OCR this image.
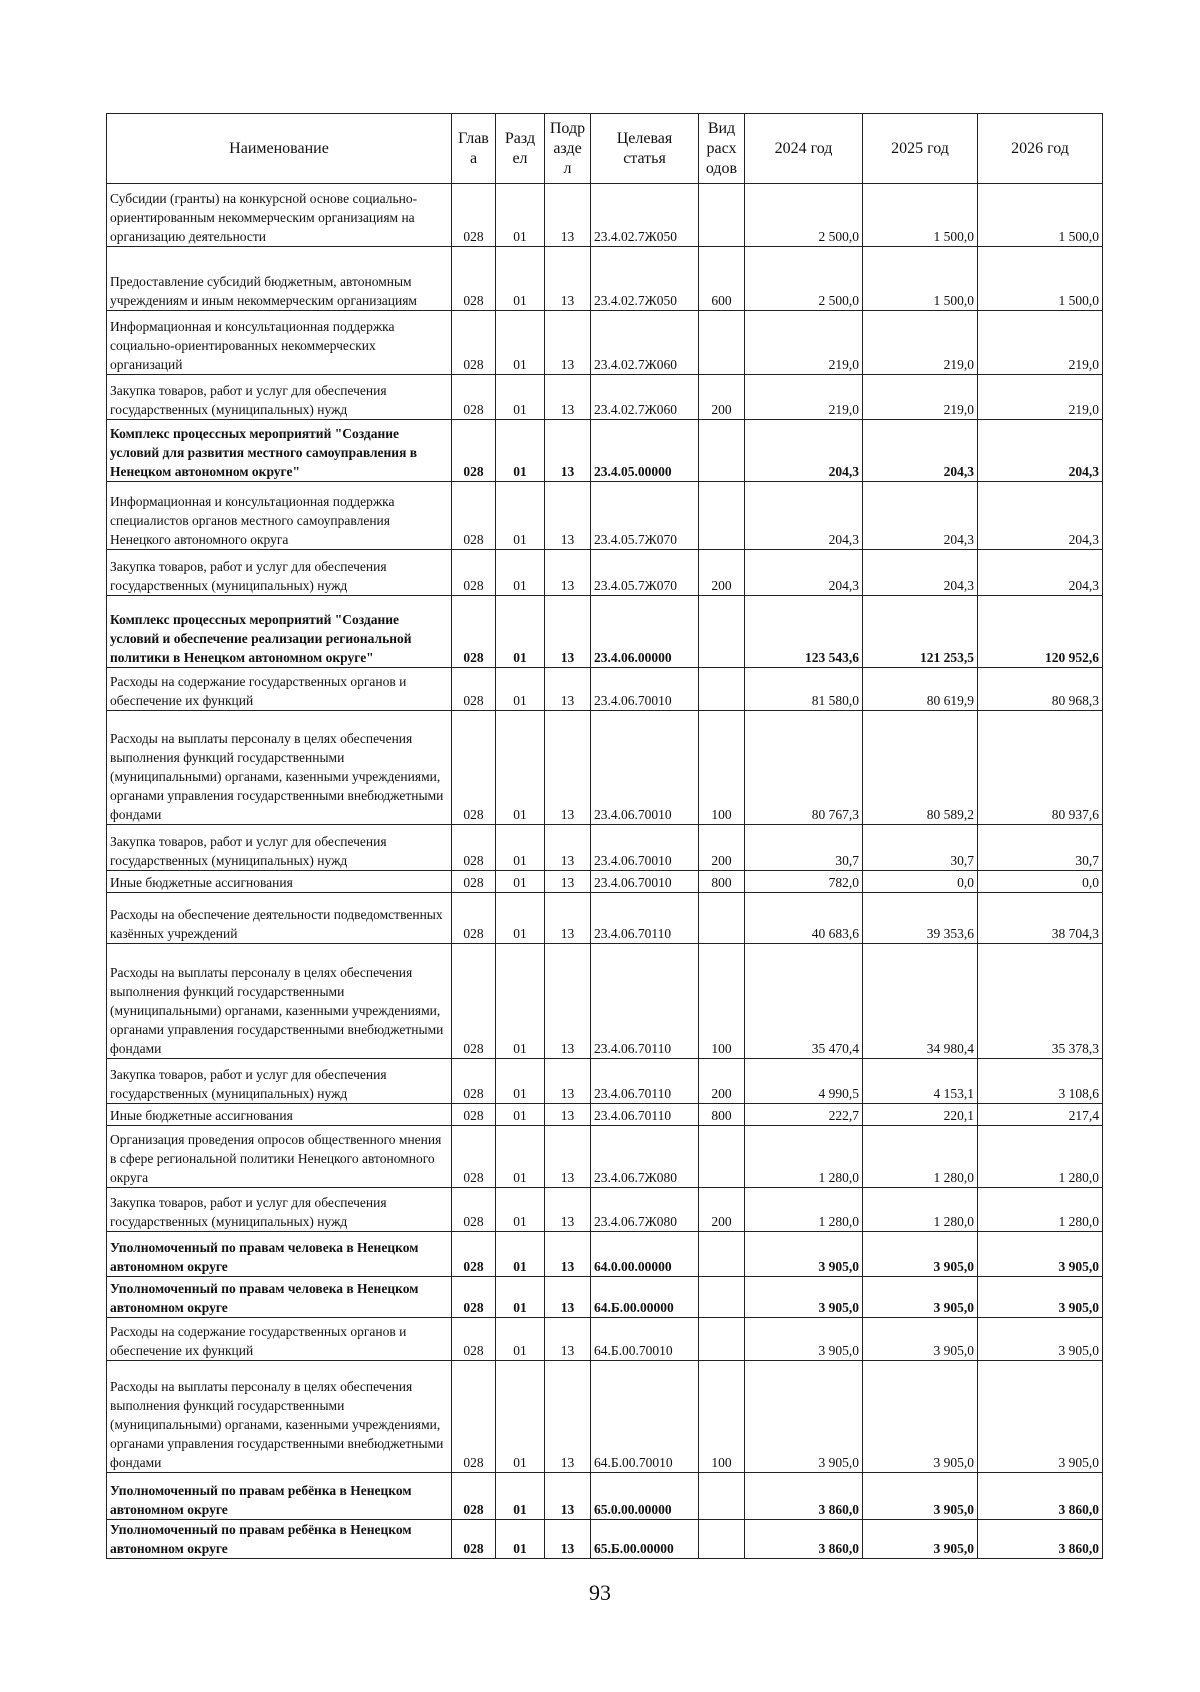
Наименование	Глав а	Разд ел	Подр азде л	Целевая статья	Вид расх одов	2024 год	2025 год	2026 год
Субсидии (гранты) на конкурсной основе социально-ориентированным некоммерческим организациям на организацию деятельности	028	01	13	23.4.02.7Ж050		2 500,0	1 500,0	1 500,0
Предоставление субсидий бюджетным, автономным учреждениям и иным некоммерческим организациям	028	01	13	23.4.02.7Ж050	600	2 500,0	1 500,0	1 500,0
Информационная и консультационная поддержка социально-ориентированных некоммерческих организаций	028	01	13	23.4.02.7Ж060		219,0	219,0	219,0
Закупка товаров, работ и услуг для обеспечения государственных (муниципальных) нужд	028	01	13	23.4.02.7Ж060	200	219,0	219,0	219,0
Комплекс процессных мероприятий "Создание условий для развития местного самоуправления в Ненецком автономном округе"	028	01	13	23.4.05.00000		204,3	204,3	204,3
Информационная и консультационная поддержка специалистов органов местного самоуправления Ненецкого автономного округа	028	01	13	23.4.05.7Ж070		204,3	204,3	204,3
Закупка товаров, работ и услуг для обеспечения государственных (муниципальных) нужд	028	01	13	23.4.05.7Ж070	200	204,3	204,3	204,3
Комплекс процессных мероприятий "Создание условий и обеспечение реализации региональной политики в Ненецком автономном округе"	028	01	13	23.4.06.00000		123 543,6	121 253,5	120 952,6
Расходы на содержание государственных органов и обеспечение их функций	028	01	13	23.4.06.70010		81 580,0	80 619,9	80 968,3
Расходы на выплаты персоналу в целях обеспечения выполнения функций государственными (муниципальными) органами, казенными учреждениями, органами управления государственными внебюджетными фондами	028	01	13	23.4.06.70010	100	80 767,3	80 589,2	80 937,6
Закупка товаров, работ и услуг для обеспечения государственных (муниципальных) нужд	028	01	13	23.4.06.70010	200	30,7	30,7	30,7
Иные бюджетные ассигнования	028	01	13	23.4.06.70010	800	782,0	0,0	0,0
Расходы на обеспечение деятельности подведомственных казённых учреждений	028	01	13	23.4.06.70110		40 683,6	39 353,6	38 704,3
Расходы на выплаты персоналу в целях обеспечения выполнения функций государственными (муниципальными) органами, казенными учреждениями, органами управления государственными внебюджетными фондами	028	01	13	23.4.06.70110	100	35 470,4	34 980,4	35 378,3
Закупка товаров, работ и услуг для обеспечения государственных (муниципальных) нужд	028	01	13	23.4.06.70110	200	4 990,5	4 153,1	3 108,6
Иные бюджетные ассигнования	028	01	13	23.4.06.70110	800	222,7	220,1	217,4
Организация проведения опросов общественного мнения в сфере региональной политики Ненецкого автономного округа	028	01	13	23.4.06.7Ж080		1 280,0	1 280,0	1 280,0
Закупка товаров, работ и услуг для обеспечения государственных (муниципальных) нужд	028	01	13	23.4.06.7Ж080	200	1 280,0	1 280,0	1 280,0
Уполномоченный по правам человека в Ненецком автономном округе	028	01	13	64.0.00.00000		3 905,0	3 905,0	3 905,0
Уполномоченный по правам человека в Ненецком автономном округе	028	01	13	64.Б.00.00000		3 905,0	3 905,0	3 905,0
Расходы на содержание государственных органов и обеспечение их функций	028	01	13	64.Б.00.70010		3 905,0	3 905,0	3 905,0
Расходы на выплаты персоналу в целях обеспечения выполнения функций государственными (муниципальными) органами, казенными учреждениями, органами управления государственными внебюджетными фондами	028	01	13	64.Б.00.70010	100	3 905,0	3 905,0	3 905,0
Уполномоченный по правам ребёнка в Ненецком автономном округе	028	01	13	65.0.00.00000		3 860,0	3 905,0	3 860,0
Уполномоченный по правам ребёнка в Ненецком автономном округе	028	01	13	65.Б.00.00000		3 860,0	3 905,0	3 860,0
93
